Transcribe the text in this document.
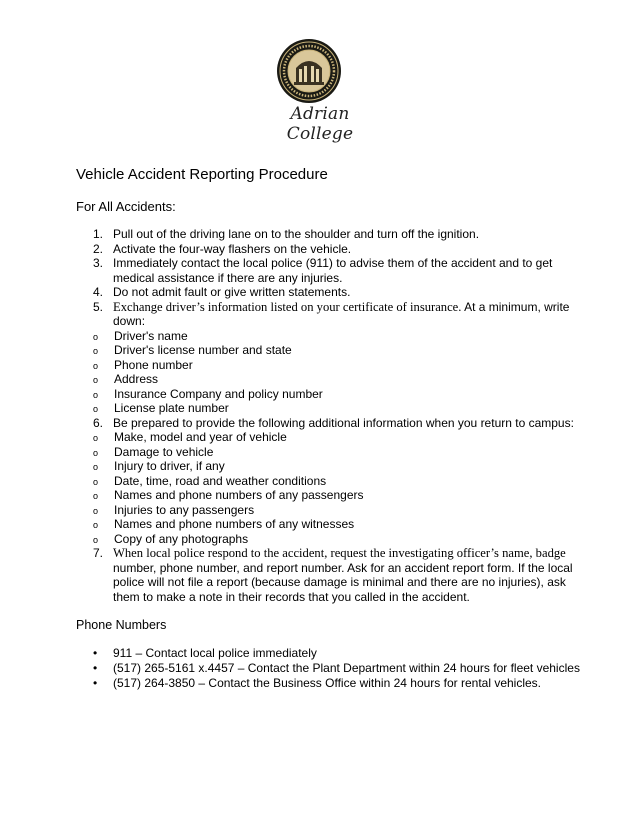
Adrian College
Vehicle Accident Reporting Procedure
For All Accidents:
1. Pull out of the driving lane on to the shoulder and turn off the ignition.
2. Activate the four-way flashers on the vehicle.
3. Immediately contact the local police (911) to advise them of the accident and to get medical assistance if there are any injuries.
4. Do not admit fault or give written statements.
5. Exchange driver’s information listed on your certificate of insurance. At a minimum, write down:
o Driver's name
o Driver's license number and state
o Phone number
o Address
o Insurance Company and policy number
o License plate number
6. Be prepared to provide the following additional information when you return to campus:
o Make, model and year of vehicle
o Damage to vehicle
o Injury to driver, if any
o Date, time, road and weather conditions
o Names and phone numbers of any passengers
o Injuries to any passengers
o Names and phone numbers of any witnesses
o Copy of any photographs
7. When local police respond to the accident, request the investigating officer’s name, badge number, phone number, and report number. Ask for an accident report form. If the local police will not file a report (because damage is minimal and there are no injuries), ask them to make a note in their records that you called in the accident.
Phone Numbers
• 911 – Contact local police immediately
• (517) 265-5161 x.4457 – Contact the Plant Department within 24 hours for fleet vehicles
• (517) 264-3850 – Contact the Business Office within 24 hours for rental vehicles.
